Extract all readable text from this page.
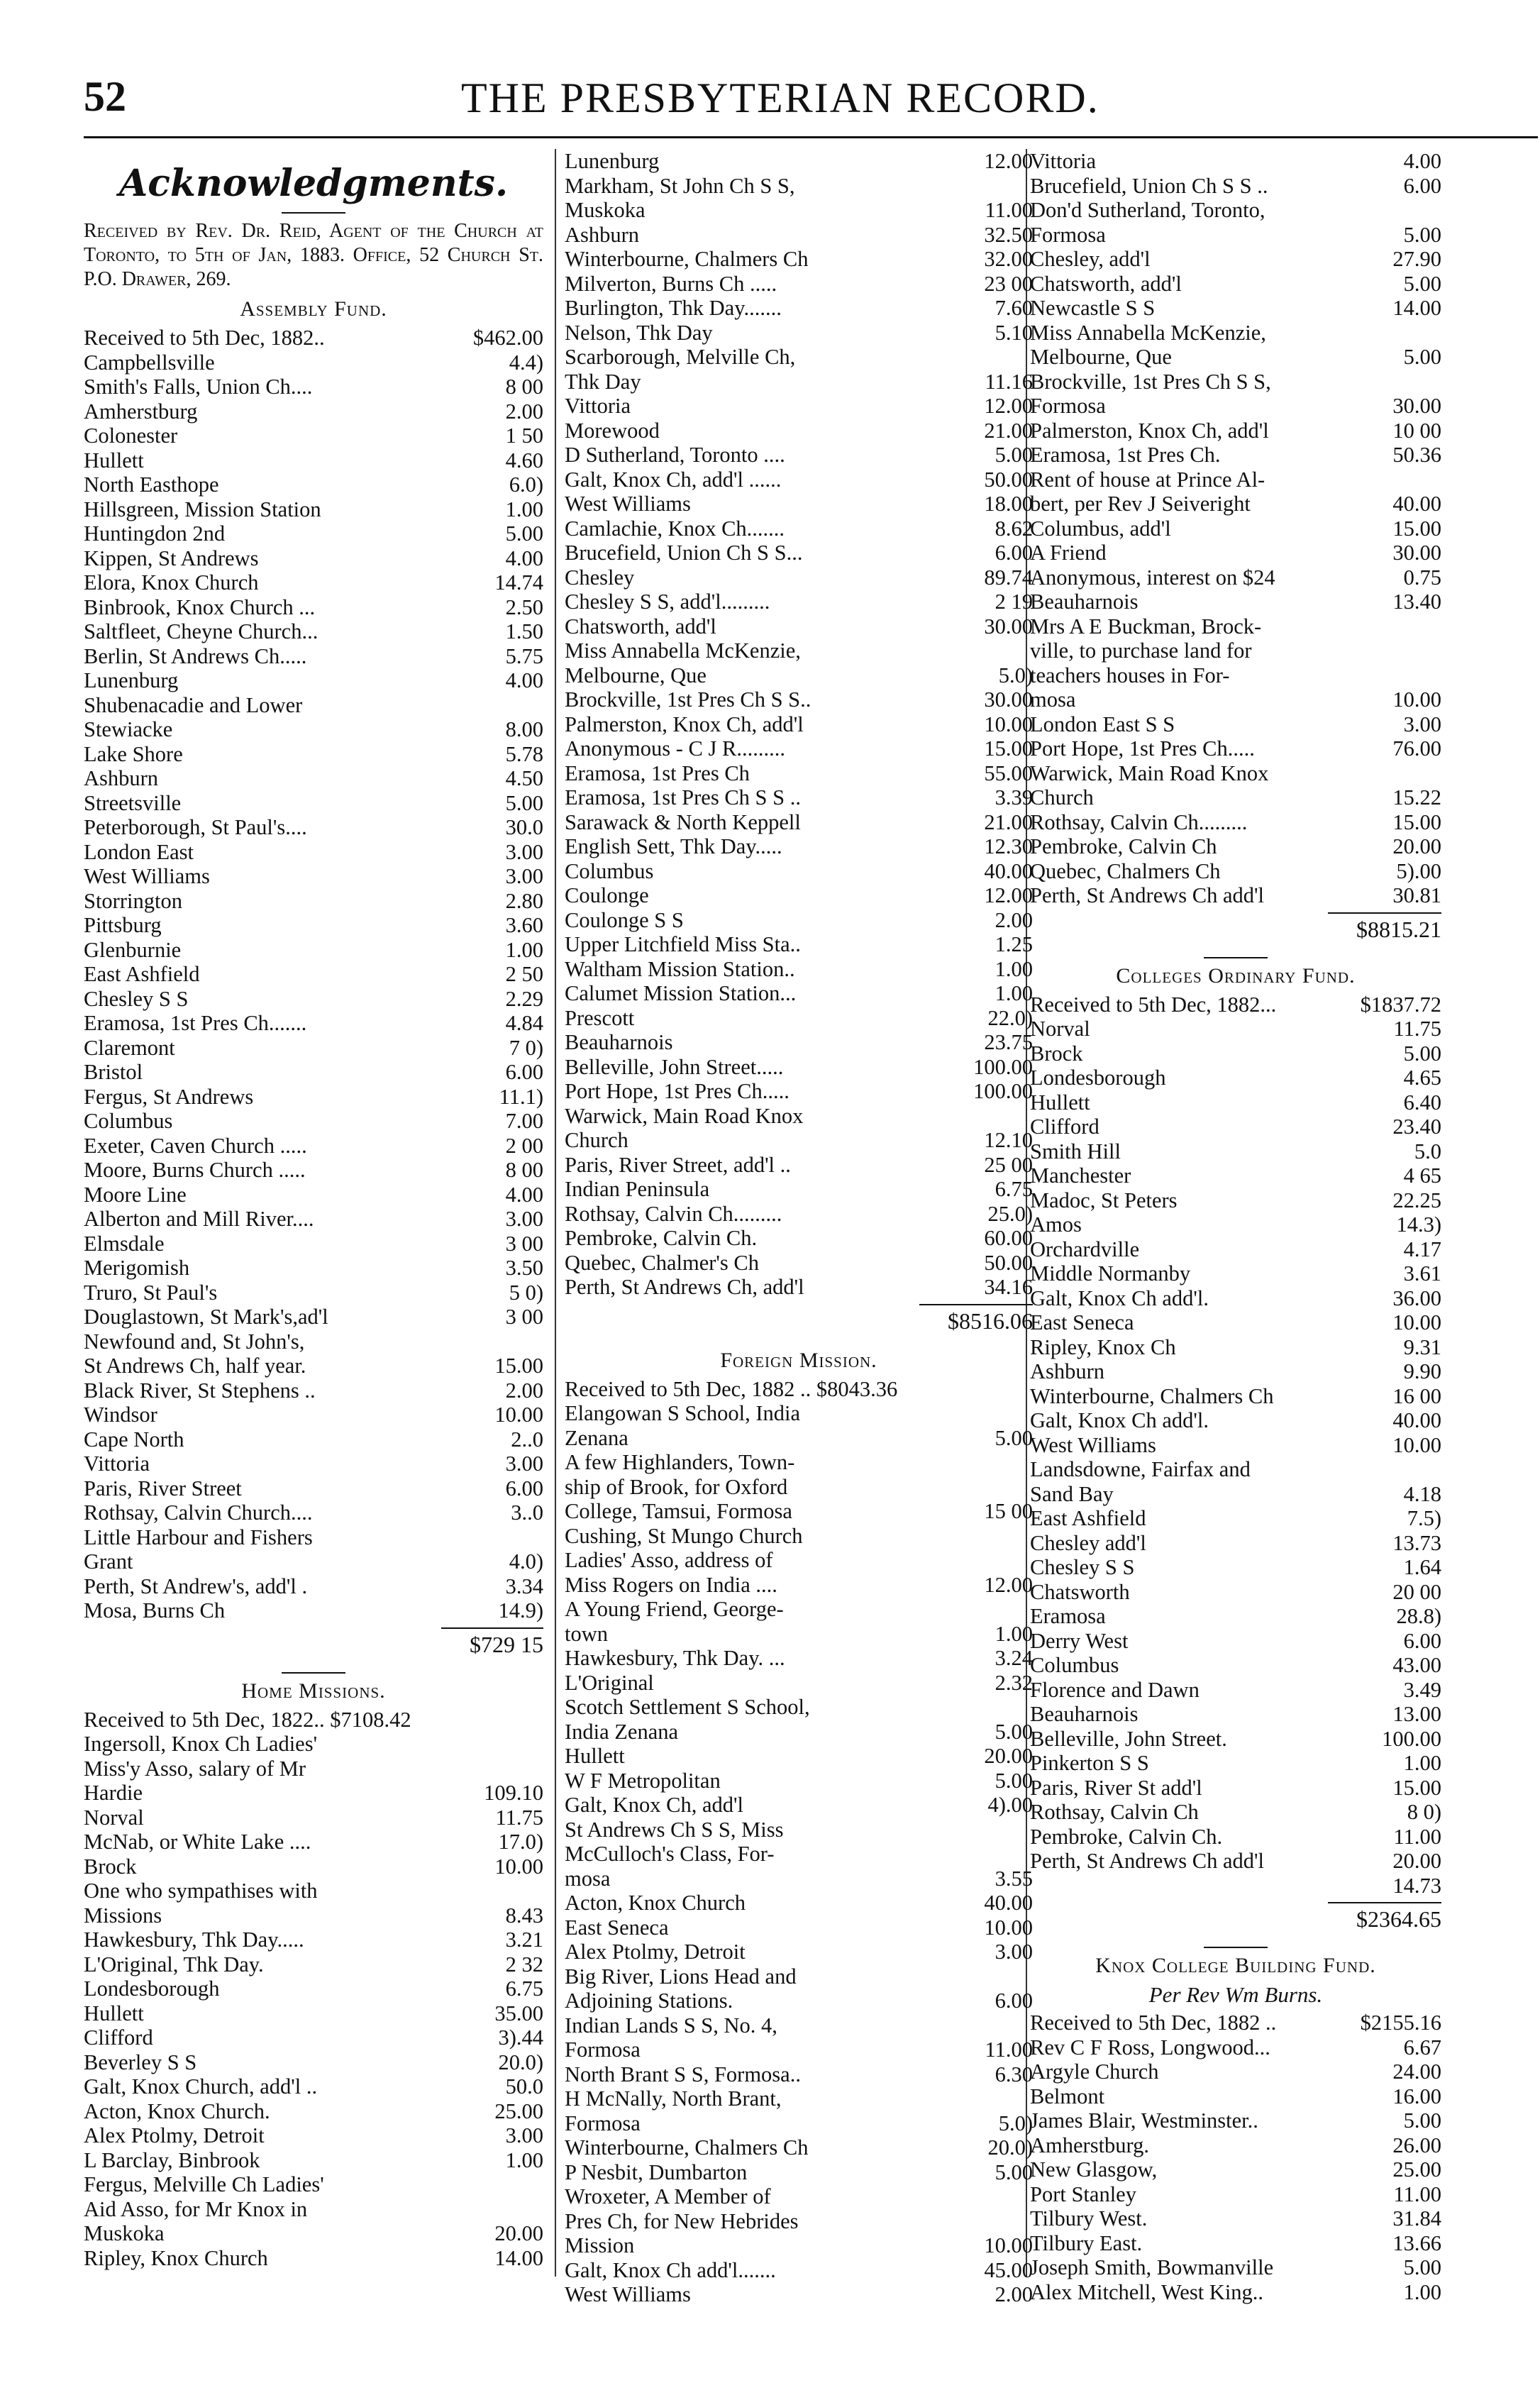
52	THE PRESBYTERIAN RECORD.
Acknowledgments.
Received by Rev. Dr. Reid, Agent of the Church at Toronto, to 5th of Jan, 1883. Office, 52 Church St. P.O. Drawer, 269.
Assembly Fund.
Received to 5th Dec, 1882..	$462.00
Campbellsville	4.4)
Smith's Falls, Union Ch....	8 00
Amherstburg	2.00
Colonester	1 50
Hullett	4.60
North Easthope	6.0)
Hillsgreen, Mission Station	1.00
Huntingdon 2nd	5.00
Kippen, St Andrews	4.00
Elora, Knox Church	14.74
Binbrook, Knox Church ...	2.50
Saltfleet, Cheyne Church...	1.50
Berlin, St Andrews Ch.....	5.75
Lunenburg	4.00
Shubenacadie and Lower
Stewiacke	8.00
Lake Shore	5.78
Ashburn	4.50
Streetsville	5.00
Peterborough, St Paul's....	30.0
London East	3.00
West Williams	3.00
Storrington	2.80
Pittsburg	3.60
Glenburnie	1.00
East Ashfield	2 50
Chesley S S	2.29
Eramosa, 1st Pres Ch.......	4.84
Claremont	7 0)
Bristol	6.00
Fergus, St Andrews	11.1)
Columbus	7.00
Exeter, Caven Church .....	2 00
Moore, Burns Church .....	8 00
Moore Line	4.00
Alberton and Mill River....	3.00
Elmsdale	3 00
Merigomish	3.50
Truro, St Paul's	5 0)
Douglastown, St Mark's,ad'l	3 00
Newfound and, St John's,
St Andrews Ch, half year.	15.00
Black River, St Stephens ..	2.00
Windsor	10.00
Cape North	2..0
Vittoria	3.00
Paris, River Street	6.00
Rothsay, Calvin Church....	3..0
Little Harbour and Fishers
Grant	4.0)
Perth, St Andrew's, add'l .	3.34
Mosa, Burns Ch	14.9)
$729 15
Home Missions.
Received to 5th Dec, 1822.. $7108.42
Ingersoll, Knox Ch Ladies'
Miss'y Asso, salary of Mr
Hardie	109.10
Norval	11.75
McNab, or White Lake ....	17.0)
Brock	10.00
One who sympathises with
Missions	8.43
Hawkesbury, Thk Day.....	3.21
L'Original, Thk Day.	2 32
Londesborough	6.75
Hullett	35.00
Clifford	3).44
Beverley S S	20.0)
Galt, Knox Church, add'l ..	50.0
Acton, Knox Church.	25.00
Alex Ptolmy, Detroit	3.00
L Barclay, Binbrook	1.00
Fergus, Melville Ch Ladies'
Aid Asso, for Mr Knox in
Muskoka	20.00
Ripley, Knox Church	14.00
Lunenburg	12.00
Markham, St John Ch S S,
Muskoka	11.00
Ashburn	32.50
Winterbourne, Chalmers Ch	32.00
Milverton, Burns Ch .....	23 00
Burlington, Thk Day.......	7.60
Nelson, Thk Day	5.10
Scarborough, Melville Ch,
Thk Day	11.16
Vittoria	12.00
Morewood	21.00
D Sutherland, Toronto ....	5.00
Galt, Knox Ch, add'l ......	50.00
West Williams	18.00
Camlachie, Knox Ch.......	8.62
Brucefield, Union Ch S S...	6.00
Chesley	89.74
Chesley S S, add'l.........	2 19
Chatsworth, add'l	30.00
Miss Annabella McKenzie,
Melbourne, Que	5.0)
Brockville, 1st Pres Ch S S..	30.00
Palmerston, Knox Ch, add'l	10.00
Anonymous - C J R.........	15.00
Eramosa, 1st Pres Ch	55.00
Eramosa, 1st Pres Ch S S ..	3.39
Sarawack & North Keppell	21.00
English Sett, Thk Day.....	12.30
Columbus	40.00
Coulonge	12.00
Coulonge S S	2.00
Upper Litchfield Miss Sta..	1.25
Waltham Mission Station..	1.00
Calumet Mission Station...	1.00
Prescott	22.0)
Beauharnois	23.75
Belleville, John Street.....	100.00
Port Hope, 1st Pres Ch.....	100.00
Warwick, Main Road Knox
Church	12.10
Paris, River Street, add'l ..	25 00
Indian Peninsula	6.75
Rothsay, Calvin Ch.........	25.0)
Pembroke, Calvin Ch.	60.00
Quebec, Chalmer's Ch	50.00
Perth, St Andrews Ch, add'l	34.16
$8516.06
Foreign Mission.
Received to 5th Dec, 1882 .. $8043.36
Elangowan S School, India
Zenana	5.00
A few Highlanders, Town-
ship of Brook, for Oxford
College, Tamsui, Formosa	15 00
Cushing, St Mungo Church
Ladies' Asso, address of
Miss Rogers on India ....	12.00
A Young Friend, George-
town	1.00
Hawkesbury, Thk Day. ...	3.24
L'Original	2.32
Scotch Settlement S School,
India Zenana	5.00
Hullett	20.00
W F Metropolitan	5.00
Galt, Knox Ch, add'l	4).00
St Andrews Ch S S, Miss
McCulloch's Class, For-
mosa	3.55
Acton, Knox Church	40.00
East Seneca	10.00
Alex Ptolmy, Detroit	3.00
Big River, Lions Head and
Adjoining Stations.	6.00
Indian Lands S S, No. 4,
Formosa	11.00
North Brant S S, Formosa..	6.30
H McNally, North Brant,
Formosa	5.0)
Winterbourne, Chalmers Ch	20.0)
P Nesbit, Dumbarton	5.00
Wroxeter, A Member of
Pres Ch, for New Hebrides
Mission	10.00
Galt, Knox Ch add'l.......	45.00
West Williams	2.00
Vittoria	4.00
Brucefield, Union Ch S S ..	6.00
Don'd Sutherland, Toronto,
Formosa	5.00
Chesley, add'l	27.90
Chatsworth, add'l	5.00
Newcastle S S	14.00
Miss Annabella McKenzie,
Melbourne, Que	5.00
Brockville, 1st Pres Ch S S,
Formosa	30.00
Palmerston, Knox Ch, add'l	10 00
Eramosa, 1st Pres Ch.	50.36
Rent of house at Prince Al-
bert, per Rev J Seiveright	40.00
Columbus, add'l	15.00
A Friend	30.00
Anonymous, interest on $24	0.75
Beauharnois	13.40
Mrs A E Buckman, Brock-
ville, to purchase land for
teachers houses in For-
mosa	10.00
London East S S	3.00
Port Hope, 1st Pres Ch.....	76.00
Warwick, Main Road Knox
Church	15.22
Rothsay, Calvin Ch.........	15.00
Pembroke, Calvin Ch	20.00
Quebec, Chalmers Ch	5).00
Perth, St Andrews Ch add'l	30.81
$8815.21
Colleges Ordinary Fund.
Received to 5th Dec, 1882...	$1837.72
Norval	11.75
Brock	5.00
Londesborough	4.65
Hullett	6.40
Clifford	23.40
Smith Hill	5.0
Manchester	4 65
Madoc, St Peters	22.25
Amos	14.3)
Orchardville	4.17
Middle Normanby	3.61
Galt, Knox Ch add'l.	36.00
East Seneca	10.00
Ripley, Knox Ch	9.31
Ashburn	9.90
Winterbourne, Chalmers Ch	16 00
Galt, Knox Ch add'l.	40.00
West Williams	10.00
Landsdowne, Fairfax and
Sand Bay	4.18
East Ashfield	7.5)
Chesley add'l	13.73
Chesley S S	1.64
Chatsworth	20 00
Eramosa	28.8)
Derry West	6.00
Columbus	43.00
Florence and Dawn	3.49
Beauharnois	13.00
Belleville, John Street.	100.00
Pinkerton S S	1.00
Paris, River St add'l	15.00
Rothsay, Calvin Ch	8 0)
Pembroke, Calvin Ch.	11.00
Perth, St Andrews Ch add'l	20.00
14.73
$2364.65
Knox College Building Fund.
Per Rev Wm Burns.
Received to 5th Dec, 1882 ..	$2155.16
Rev C F Ross, Longwood...	6.67
Argyle Church	24.00
Belmont	16.00
James Blair, Westminster..	5.00
Amherstburg.	26.00
New Glasgow,	25.00
Port Stanley	11.00
Tilbury West.	31.84
Tilbury East.	13.66
Joseph Smith, Bowmanville	5.00
Alex Mitchell, West King..	1.00
